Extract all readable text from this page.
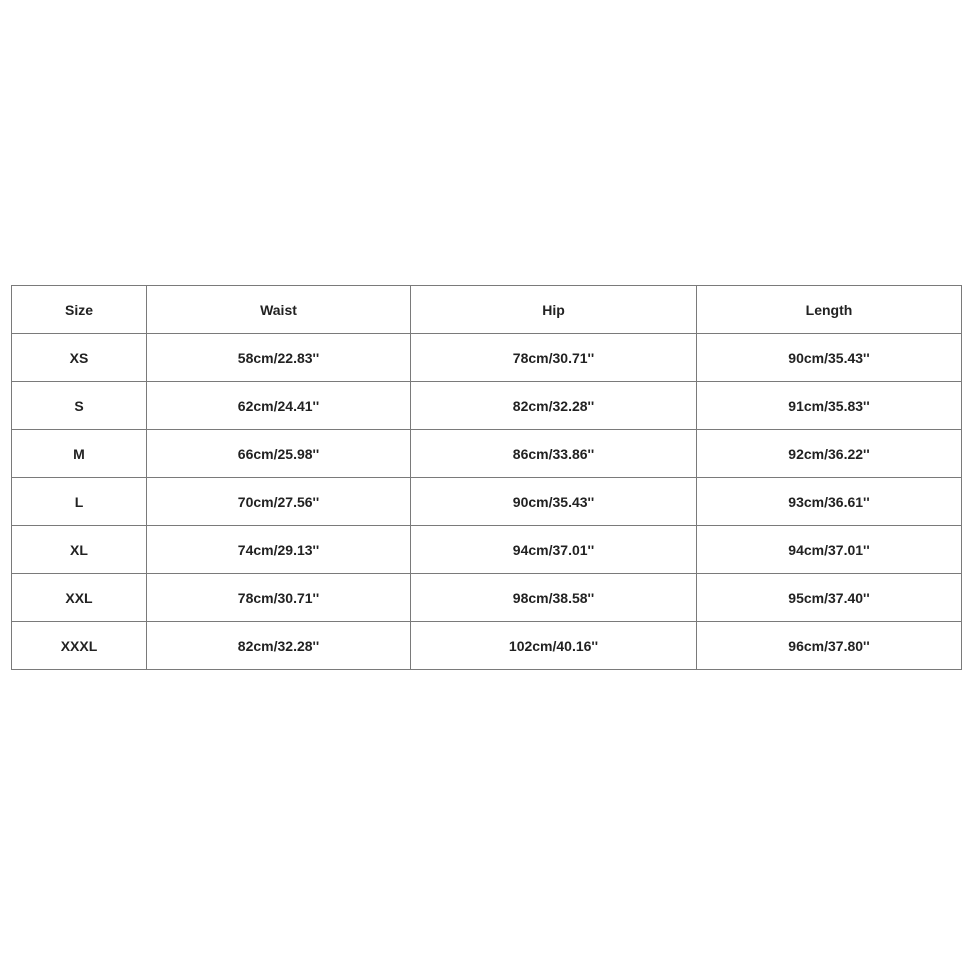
Size	Waist	Hip	Length
XS	58cm/22.83''	78cm/30.71''	90cm/35.43''
S	62cm/24.41''	82cm/32.28''	91cm/35.83''
M	66cm/25.98''	86cm/33.86''	92cm/36.22''
L	70cm/27.56''	90cm/35.43''	93cm/36.61''
XL	74cm/29.13''	94cm/37.01''	94cm/37.01''
XXL	78cm/30.71''	98cm/38.58''	95cm/37.40''
XXXL	82cm/32.28''	102cm/40.16''	96cm/37.80''
